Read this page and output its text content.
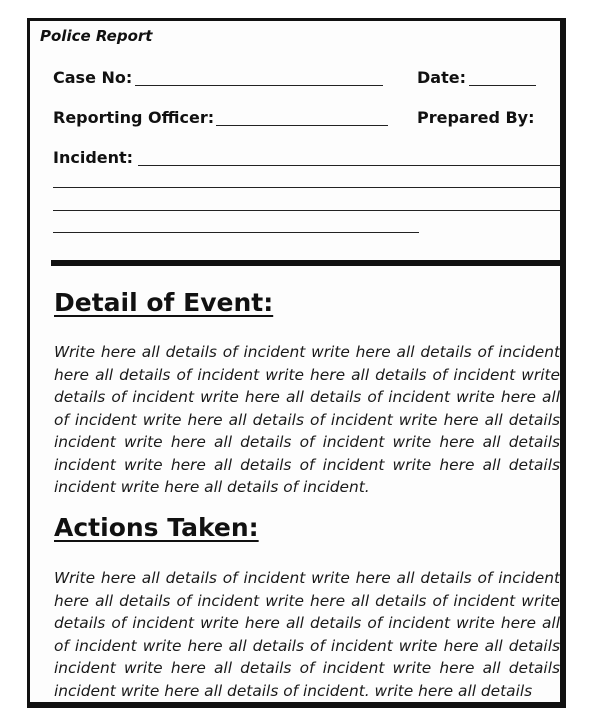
Police Report
Case No:	Date:
Reporting Officer:	Prepared By:
Incident:
Detail of Event:
Write here all details of incident write here all details of incident here all details of incident write here all details of incident write details of incident write here all details of incident write here all of incident write here all details of incident write here all details incident write here all details of incident write here all details incident write here all details of incident write here all details incident write here all details of incident.
Actions Taken:
Write here all details of incident write here all details of incident here all details of incident write here all details of incident write details of incident write here all details of incident write here all of incident write here all details of incident write here all details incident write here all details of incident write here all details incident write here all details of incident. write here all details
